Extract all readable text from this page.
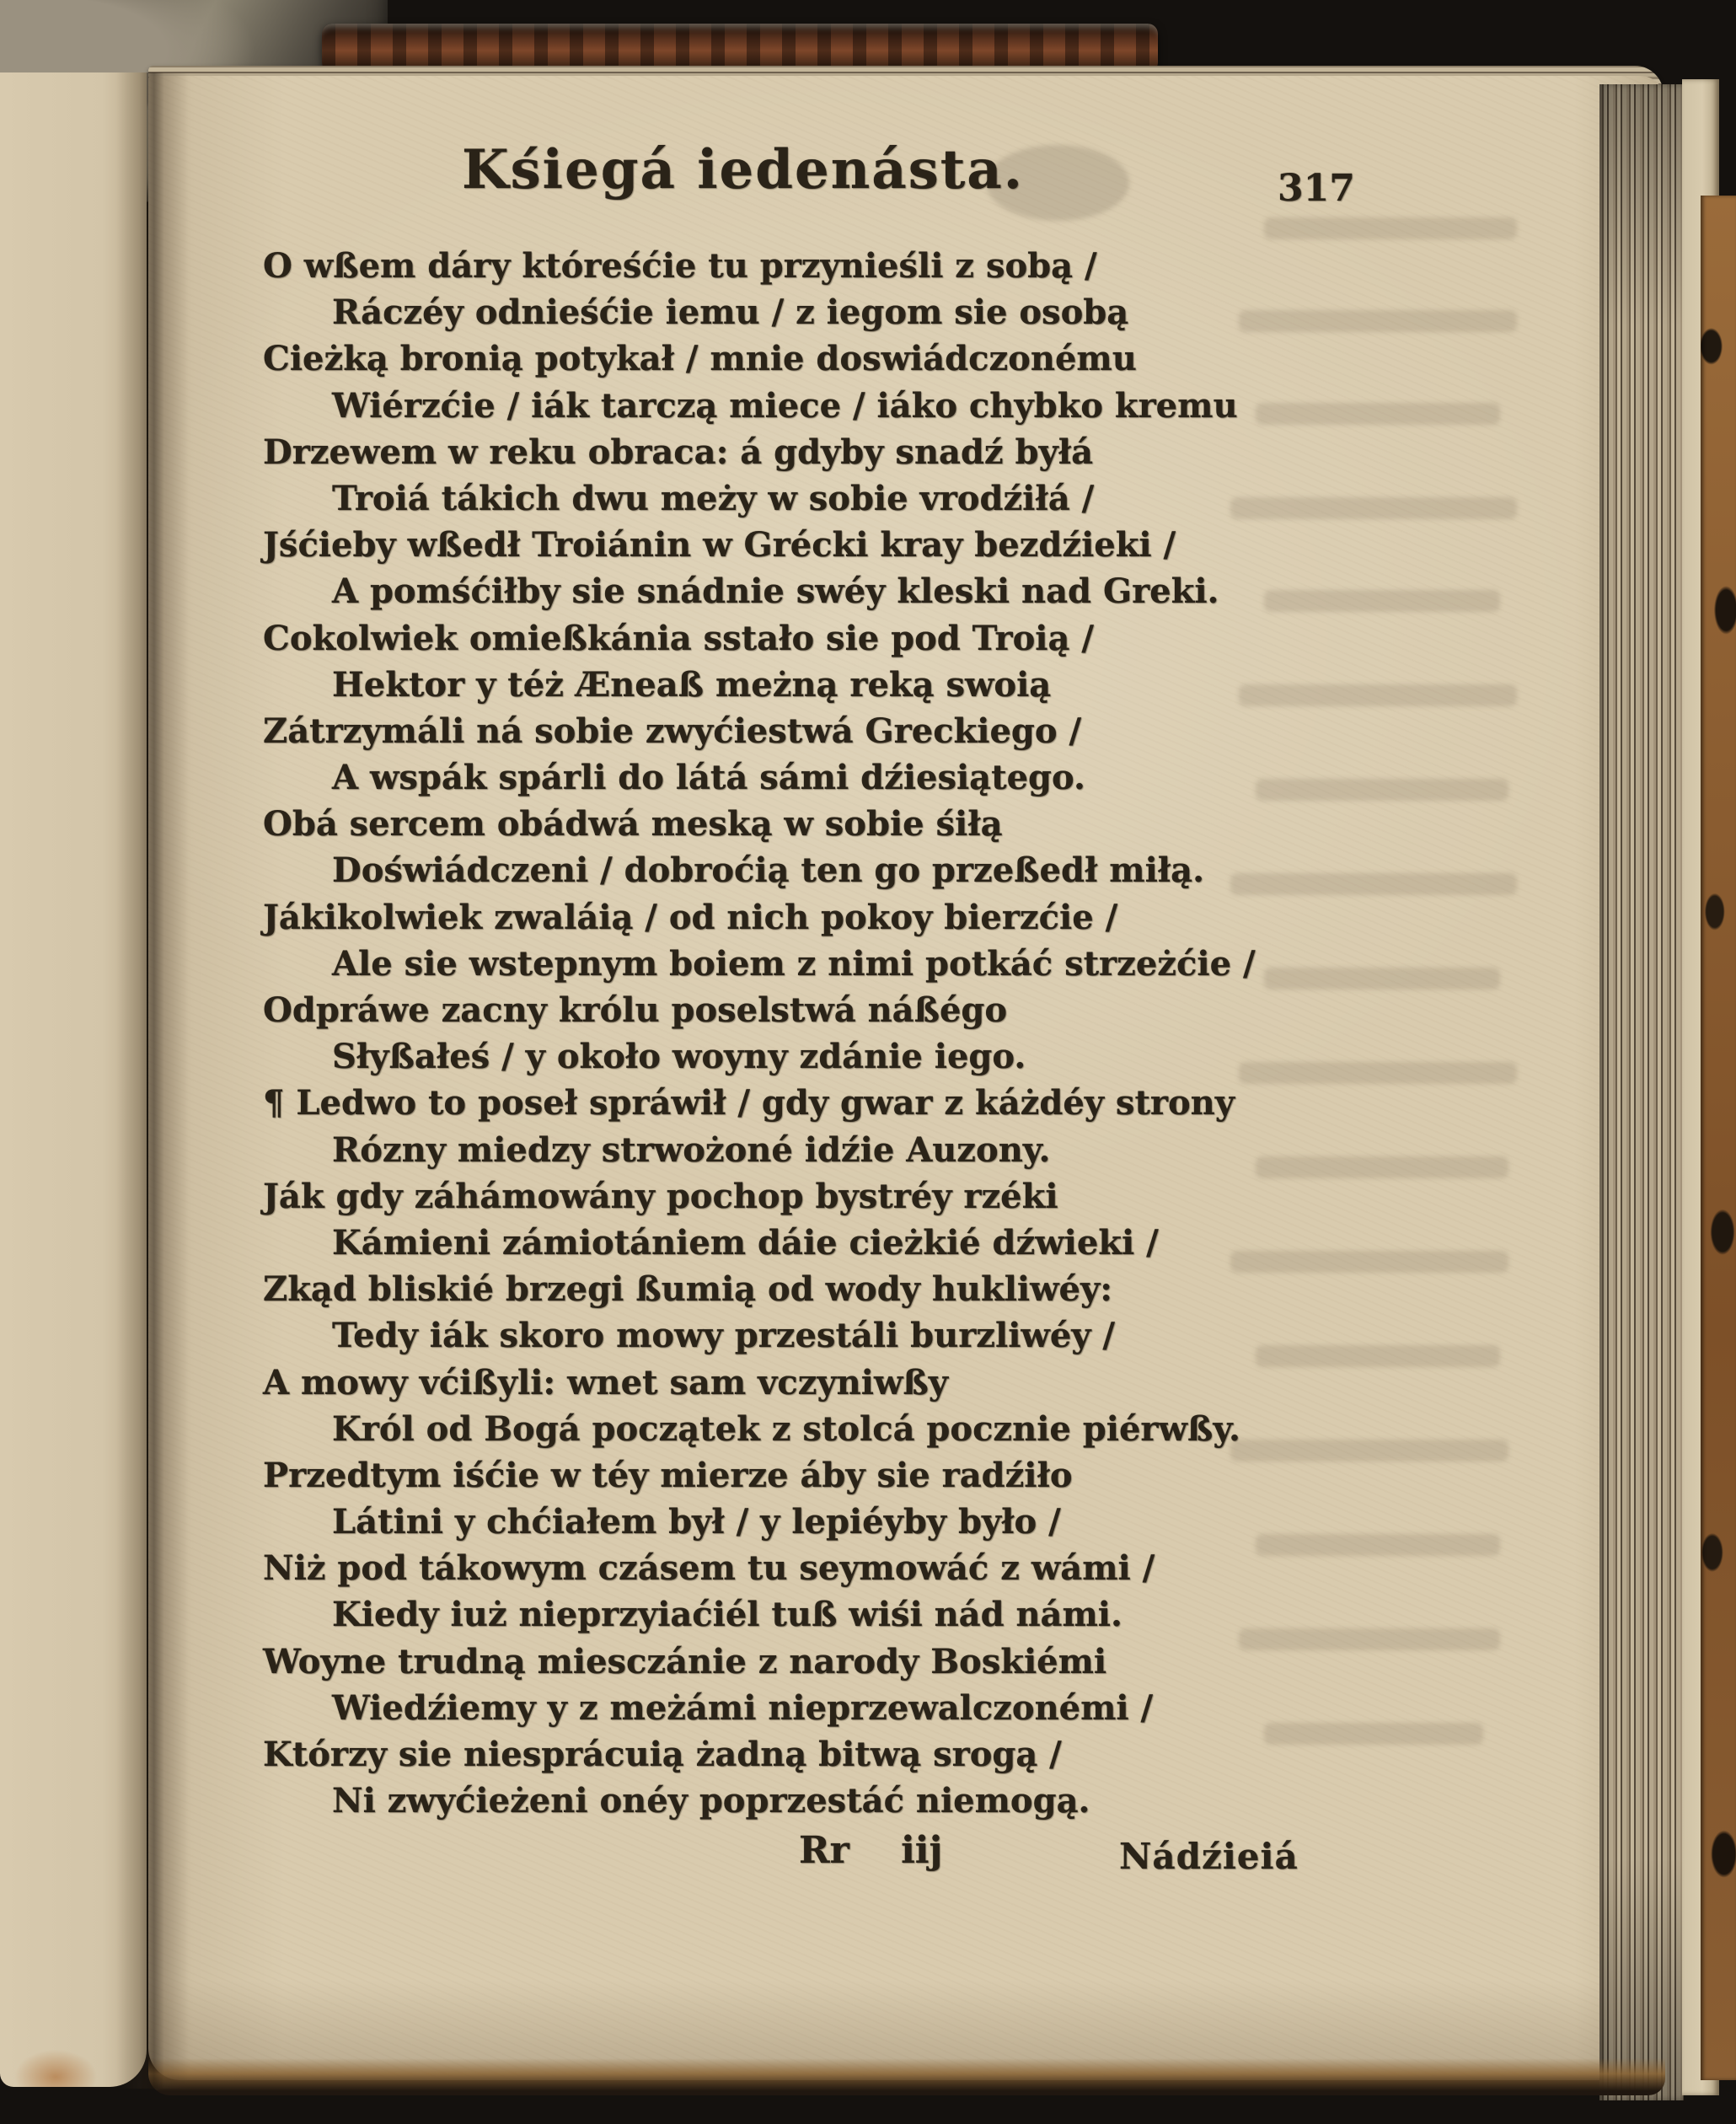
Kśiegá iedenásta.	317
O wßem dáry któreśćie tu przynieśli z sobą /
Ráczéy odnieśćie iemu / z iegom sie osobą
Cieżką bronią potykał / mnie doswiádczonému
Wiérzćie / iák tarczą miece / iáko chybko kremu
Drzewem w reku obraca: á gdyby snadź byłá
Troiá tákich dwu meży w sobie vrodźiłá /
Jśćieby wßedł Troiánin w Grécki kray bezdźieki /
A pomśćiłby sie snádnie swéy kleski nad Greki.
Cokolwiek omießkánia sstało sie pod Troią /
Hektor y téż Æneaß meżną reką swoią
Zátrzymáli ná sobie zwyćiestwá Greckiego /
A wspák spárli do látá sámi dźiesiątego.
Obá sercem obádwá meską w sobie śiłą
Doświádczeni / dobroćią ten go przeßedł miłą.
Jákikolwiek zwaláią / od nich pokoy bierzćie /
Ale sie wstepnym boiem z nimi potkáć strzeżćie /
Odpráwe zacny królu poselstwá náßégo
Słyßałeś / y około woyny zdánie iego.
¶ Ledwo to poseł spráwił / gdy gwar z káżdéy strony
Rózny miedzy strwożoné idźie Auzony.
Ják gdy záhámowány pochop bystréy rzéki
Kámieni zámiotániem dáie cieżkié dźwieki /
Zkąd bliskié brzegi ßumią od wody hukliwéy:
Tedy iák skoro mowy przestáli burzliwéy /
A mowy vćißyli: wnet sam vczyniwßy
Król od Bogá początek z stolcá pocznie piérwßy.
Przedtym iśćie w téy mierze áby sie radźiło
Látini y chćiałem był / y lepiéyby było /
Niż pod tákowym czásem tu seymowáć z wámi /
Kiedy iuż nieprzyiaćiél tuß wiśi nád námi.
Woyne trudną miesczánie z narody Boskiémi
Wiedźiemy y z meżámi nieprzewalczonémi /
Którzy sie niesprácuią żadną bitwą srogą /
Ni zwyćieżeni onéy poprzestáć niemogą.
Rr iij	Nádźieiá
